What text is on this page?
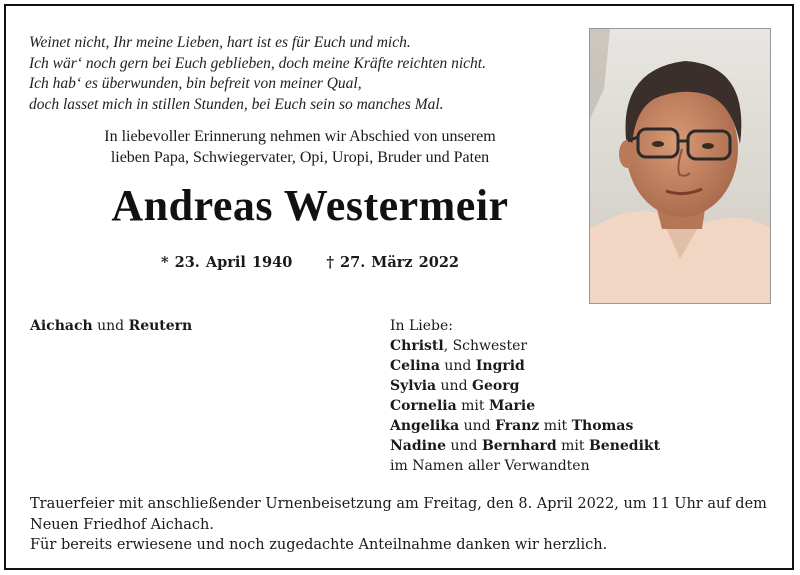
Weinet nicht, Ihr meine Lieben, hart ist es für Euch und mich.
Ich wär‘ noch gern bei Euch geblieben, doch meine Kräfte reichten nicht.
Ich hab‘ es überwunden, bin befreit von meiner Qual,
doch lasset mich in stillen Stunden, bei Euch sein so manches Mal.
In liebevoller Erinnerung nehmen wir Abschied von unserem
lieben Papa, Schwiegervater, Opi, Uropi, Bruder und Paten
Andreas Westermeir
* 23. April 1940 † 27. März 2022
Aichach und Reutern	In Liebe:
Christl, Schwester
Celina und Ingrid
Sylvia und Georg
Cornelia mit Marie
Angelika und Franz mit Thomas
Nadine und Bernhard mit Benedikt
im Namen aller Verwandten
Trauerfeier mit anschließender Urnenbeisetzung am Freitag, den 8. April 2022, um 11 Uhr auf dem Neuen Friedhof Aichach.
Für bereits erwiesene und noch zugedachte Anteilnahme danken wir herzlich.
